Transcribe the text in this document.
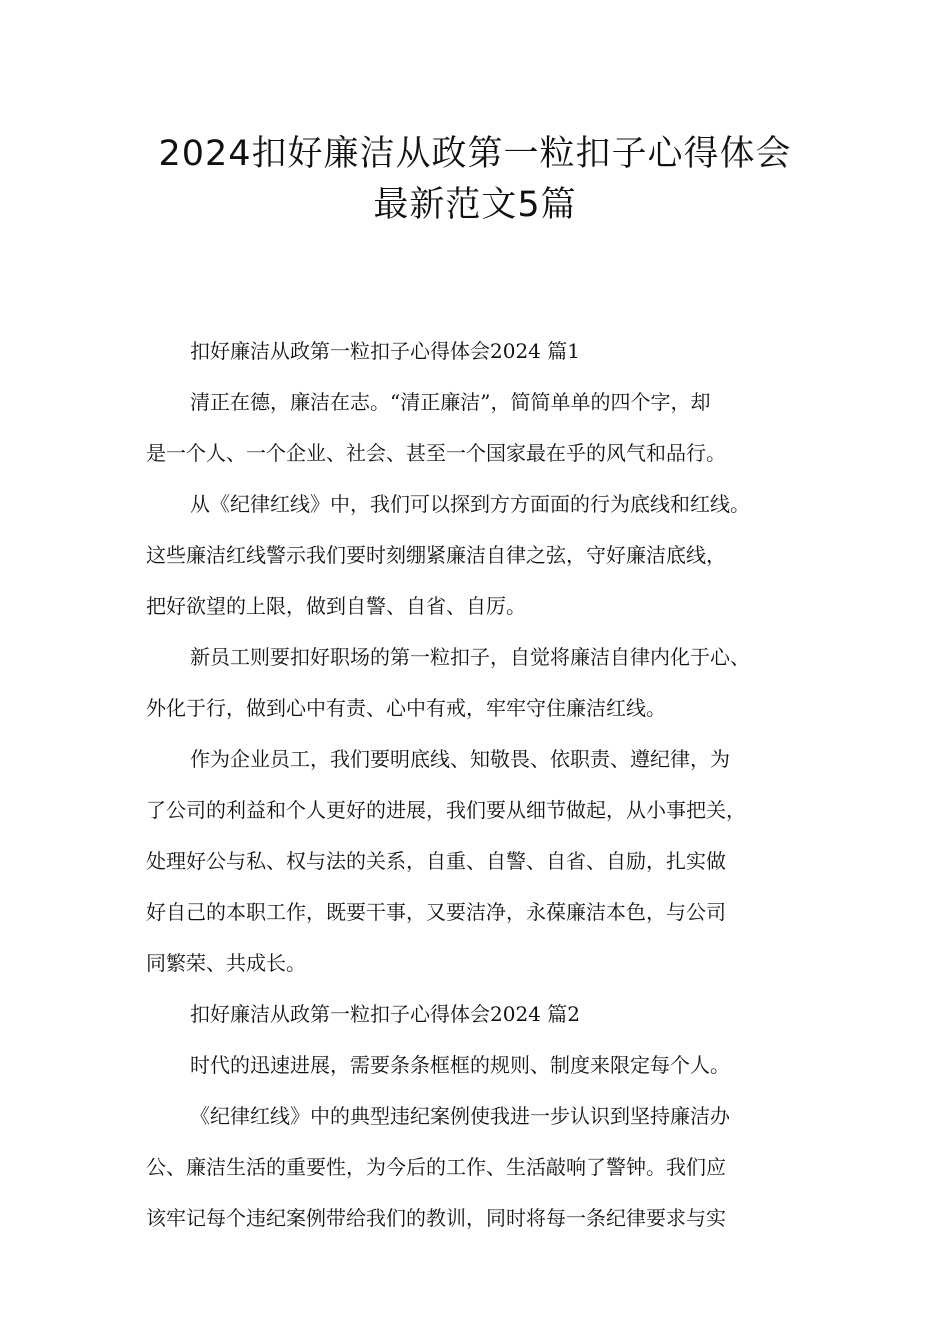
2024扣好廉洁从政第一粒扣子心得体会
最新范文5篇
扣好廉洁从政第一粒扣子心得体会2024 篇1
清正在德，廉洁在志。“清正廉洁”，简简单单的四个字，却
是一个人、一个企业、社会、甚至一个国家最在乎的风气和品行。
从《纪律红线》中，我们可以探到方方面面的行为底线和红线。
这些廉洁红线警示我们要时刻绷紧廉洁自律之弦，守好廉洁底线，
把好欲望的上限，做到自警、自省、自厉。
新员工则要扣好职场的第一粒扣子，自觉将廉洁自律内化于心、
外化于行，做到心中有责、心中有戒，牢牢守住廉洁红线。
作为企业员工，我们要明底线、知敬畏、依职责、遵纪律，为
了公司的利益和个人更好的进展，我们要从细节做起，从小事把关，
处理好公与私、权与法的关系，自重、自警、自省、自励，扎实做
好自己的本职工作，既要干事，又要洁净，永葆廉洁本色，与公司
同繁荣、共成长。
扣好廉洁从政第一粒扣子心得体会2024 篇2
时代的迅速进展，需要条条框框的规则、制度来限定每个人。
《纪律红线》中的典型违纪案例使我进一步认识到坚持廉洁办
公、廉洁生活的重要性，为今后的工作、生活敲响了警钟。我们应
该牢记每个违纪案例带给我们的教训，同时将每一条纪律要求与实
